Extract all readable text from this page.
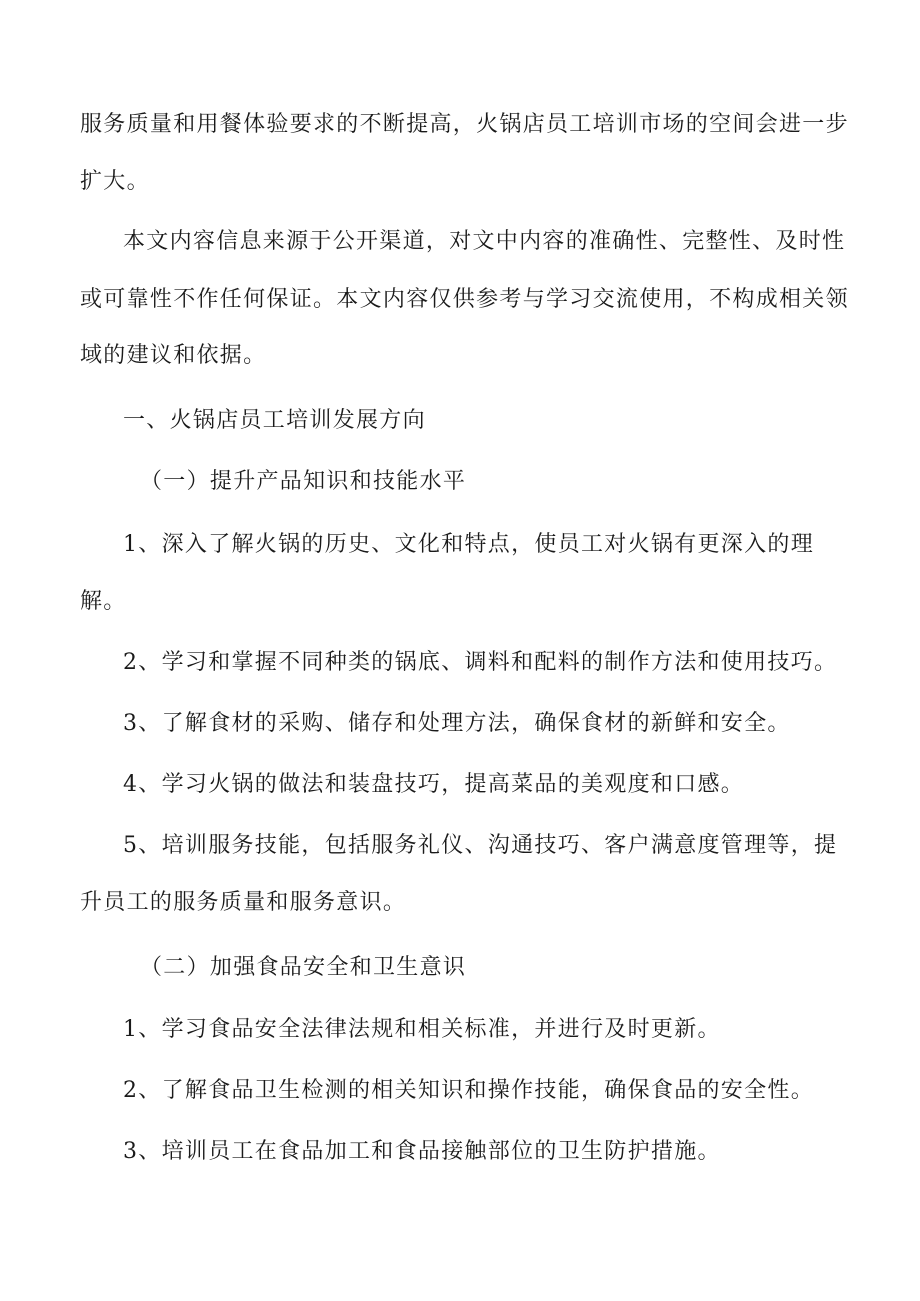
服务质量和用餐体验要求的不断提高，火锅店员工培训市场的空间会进一步
扩大。
本文内容信息来源于公开渠道，对文中内容的准确性、完整性、及时性
或可靠性不作任何保证。本文内容仅供参考与学习交流使用，不构成相关领
域的建议和依据。
一、火锅店员工培训发展方向
（一）提升产品知识和技能水平
1、深入了解火锅的历史、文化和特点，使员工对火锅有更深入的理
解。
2、学习和掌握不同种类的锅底、调料和配料的制作方法和使用技巧。
3、了解食材的采购、储存和处理方法，确保食材的新鲜和安全。
4、学习火锅的做法和装盘技巧，提高菜品的美观度和口感。
5、培训服务技能，包括服务礼仪、沟通技巧、客户满意度管理等，提
升员工的服务质量和服务意识。
（二）加强食品安全和卫生意识
1、学习食品安全法律法规和相关标准，并进行及时更新。
2、了解食品卫生检测的相关知识和操作技能，确保食品的安全性。
3、培训员工在食品加工和食品接触部位的卫生防护措施。
